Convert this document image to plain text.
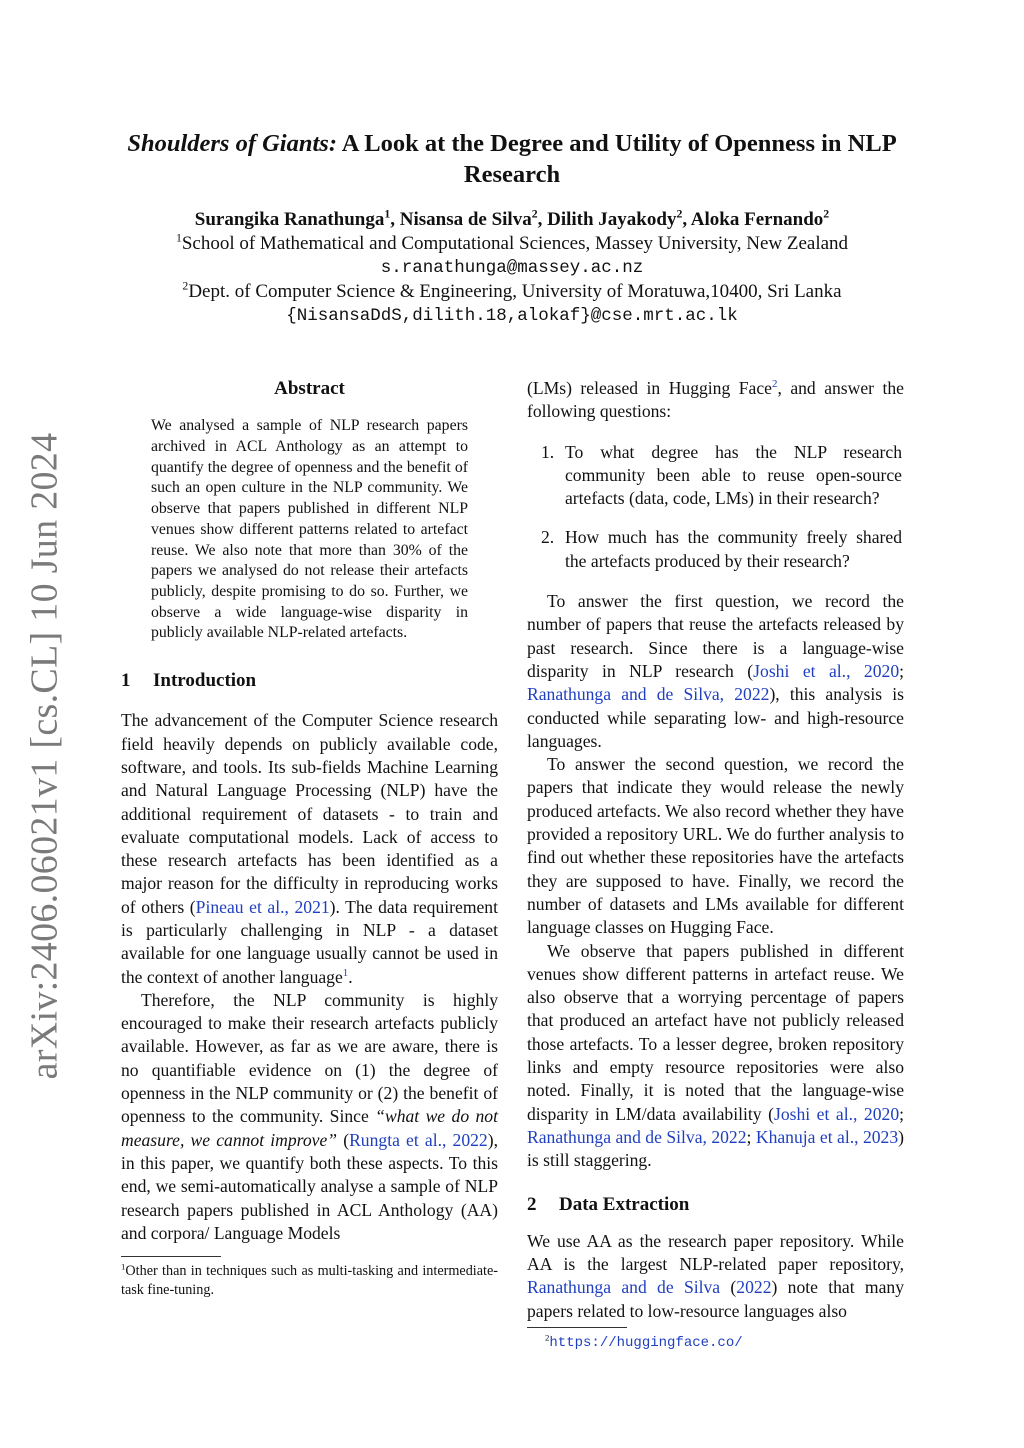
arXiv:2406.06021v1 [cs.CL] 10 Jun 2024
Shoulders of Giants: A Look at the Degree and Utility of Openness in NLP Research
Surangika Ranathunga$^1$, Nisansa de Silva$^2$, Dilith Jayakody$^2$, Aloka Fernando$^2$
$^1$School of Mathematical and Computational Sciences, Massey University, New Zealand
s.ranathunga@massey.ac.nz
$^2$Dept. of Computer Science & Engineering, University of Moratuwa,10400, Sri Lanka
{NisansaDdS,dilith.18,alokaf}@cse.mrt.ac.lk
Abstract

We analysed a sample of NLP research papers archived in ACL Anthology as an attempt to quantify the degree of openness and the benefit of such an open culture in the NLP community. We observe that papers published in different NLP venues show different patterns related to artefact reuse. We also note that more than 30% of the papers we analysed do not release their artefacts publicly, despite promising to do so. Further, we observe a wide language-wise disparity in publicly available NLP-related artefacts.

1 Introduction

The advancement of the Computer Science research field heavily depends on publicly available code, software, and tools. Its sub-fields Machine Learning and Natural Language Processing (NLP) have the additional requirement of datasets - to train and evaluate computational models. Lack of access to these research artefacts has been identified as a major reason for the difficulty in reproducing works of others (Pineau et al., 2021). The data requirement is particularly challenging in NLP - a dataset available for one language usually cannot be used in the context of another language$^1$.

Therefore, the NLP community is highly encouraged to make their research artefacts publicly available. However, as far as we are aware, there is no quantifiable evidence on (1) the degree of openness in the NLP community or (2) the benefit of openness to the community. Since “what we do not measure, we cannot improve” (Rungta et al., 2022), in this paper, we quantify both these aspects. To this end, we semi-automatically analyse a sample of NLP research papers published in ACL Anthology (AA) and corpora/ Language Models

$^1$Other than in techniques such as multi-tasking and intermediate-task fine-tuning.

(LMs) released in Hugging Face$^2$, and answer the following questions:

1. To what degree has the NLP research community been able to reuse open-source artefacts (data, code, LMs) in their research?
2. How much has the community freely shared the artefacts produced by their research?

To answer the first question, we record the number of papers that reuse the artefacts released by past research. Since there is a language-wise disparity in NLP research (Joshi et al., 2020; Ranathunga and de Silva, 2022), this analysis is conducted while separating low- and high-resource languages.

To answer the second question, we record the papers that indicate they would release the newly produced artefacts. We also record whether they have provided a repository URL. We do further analysis to find out whether these repositories have the artefacts they are supposed to have. Finally, we record the number of datasets and LMs available for different language classes on Hugging Face.

We observe that papers published in different venues show different patterns in artefact reuse. We also observe that a worrying percentage of papers that produced an artefact have not publicly released those artefacts. To a lesser degree, broken repository links and empty resource repositories were also noted. Finally, it is noted that the language-wise disparity in LM/data availability (Joshi et al., 2020; Ranathunga and de Silva, 2022; Khanuja et al., 2023) is still staggering.

2 Data Extraction

We use AA as the research paper repository. While AA is the largest NLP-related paper repository, Ranathunga and de Silva (2022) note that many papers related to low-resource languages also

$^2$https://huggingface.co/
